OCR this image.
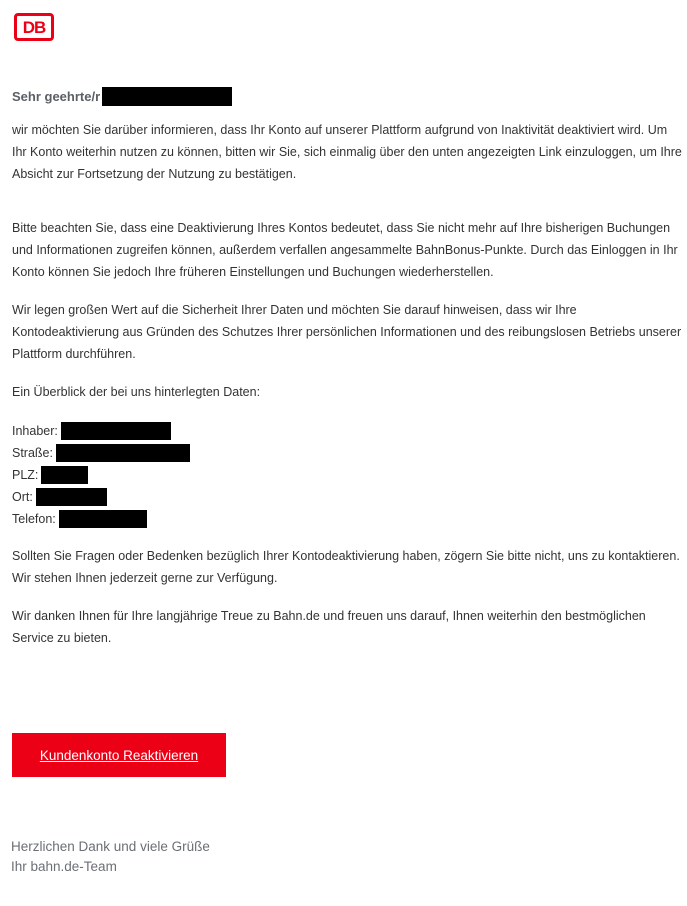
DB
Sehr geehrte/r
wir möchten Sie darüber informieren, dass Ihr Konto auf unserer Plattform aufgrund von Inaktivität deaktiviert wird. Um Ihr Konto weiterhin nutzen zu können, bitten wir Sie, sich einmalig über den unten angezeigten Link einzuloggen, um Ihre Absicht zur Fortsetzung der Nutzung zu bestätigen.
Bitte beachten Sie, dass eine Deaktivierung Ihres Kontos bedeutet, dass Sie nicht mehr auf Ihre bisherigen Buchungen und Informationen zugreifen können, außerdem verfallen angesammelte BahnBonus-Punkte. Durch das Einloggen in Ihr Konto können Sie jedoch Ihre früheren Einstellungen und Buchungen wiederherstellen.
Wir legen großen Wert auf die Sicherheit Ihrer Daten und möchten Sie darauf hinweisen, dass wir Ihre Kontodeaktivierung aus Gründen des Schutzes Ihrer persönlichen Informationen und des reibungslosen Betriebs unserer Plattform durchführen.
Ein Überblick der bei uns hinterlegten Daten:
Inhaber:
Straße:
PLZ:
Ort:
Telefon:
Sollten Sie Fragen oder Bedenken bezüglich Ihrer Kontodeaktivierung haben, zögern Sie bitte nicht, uns zu kontaktieren. Wir stehen Ihnen jederzeit gerne zur Verfügung.
Wir danken Ihnen für Ihre langjährige Treue zu Bahn.de und freuen uns darauf, Ihnen weiterhin den bestmöglichen Service zu bieten.
Kundenkonto Reaktivieren
Herzlichen Dank und viele Grüße
Ihr bahn.de-Team
